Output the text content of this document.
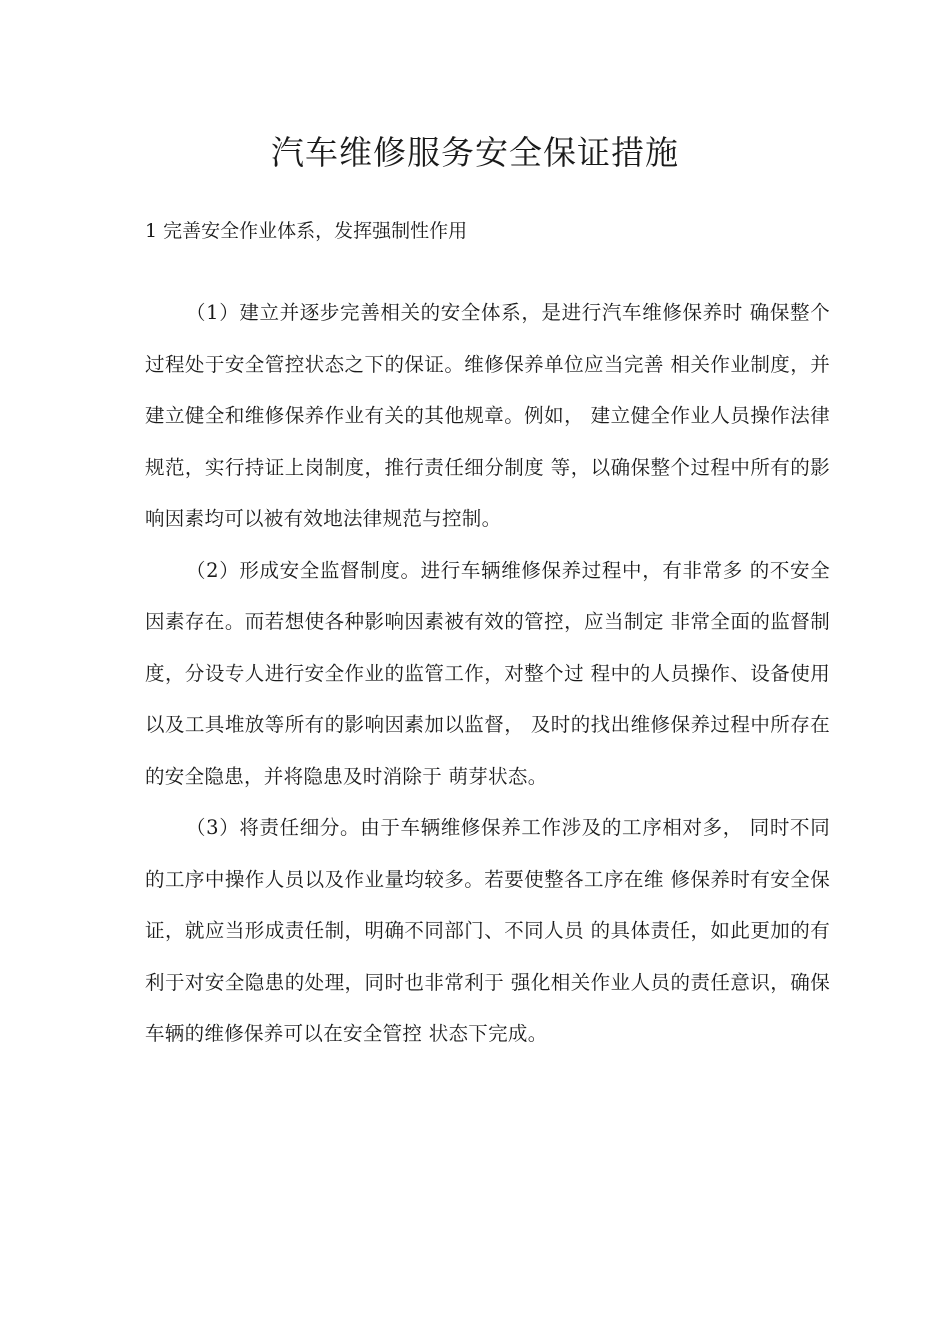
汽车维修服务安全保证措施
1 完善安全作业体系，发挥强制性作用

（1）建立并逐步完善相关的安全体系，是进行汽车维修保养时 确保整个过程处于安全管控状态之下的保证。维修保养单位应当完善 相关作业制度，并建立健全和维修保养作业有关的其他规章。例如， 建立健全作业人员操作法律规范，实行持证上岗制度，推行责任细分制度 等，以确保整个过程中所有的影响因素均可以被有效地法律规范与控制。

（2）形成安全监督制度。进行车辆维修保养过程中，有非常多 的不安全因素存在。而若想使各种影响因素被有效的管控，应当制定 非常全面的监督制度，分设专人进行安全作业的监管工作，对整个过 程中的人员操作、设备使用以及工具堆放等所有的影响因素加以监督， 及时的找出维修保养过程中所存在的安全隐患，并将隐患及时消除于 萌芽状态。

（3）将责任细分。由于车辆维修保养工作涉及的工序相对多， 同时不同的工序中操作人员以及作业量均较多。若要使整各工序在维 修保养时有安全保证，就应当形成责任制，明确不同部门、不同人员 的具体责任，如此更加的有利于对安全隐患的处理，同时也非常利于 强化相关作业人员的责任意识，确保车辆的维修保养可以在安全管控 状态下完成。
